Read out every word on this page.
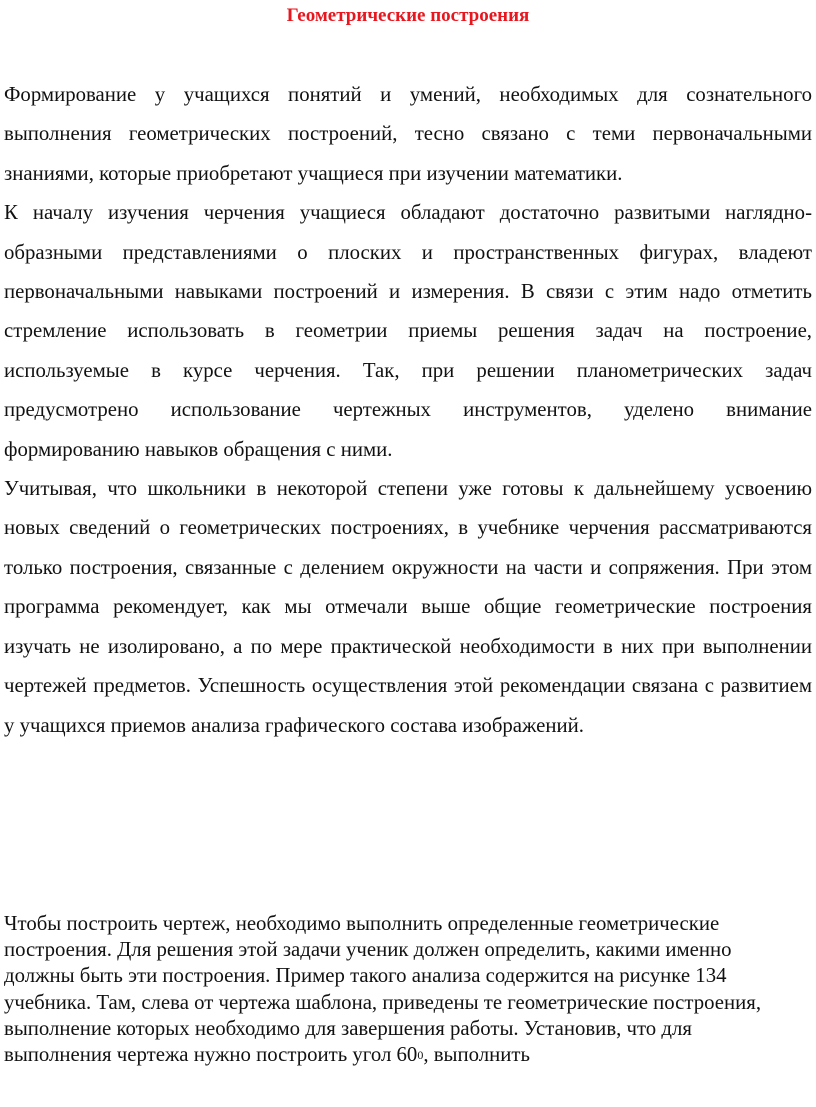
Геометрические построения

Формирование у учащихся понятий и умений, необходимых для сознательного выполнения геометрических построений, тесно связано с теми первоначальными знаниями, которые приобретают учащиеся при изучении математики.

К началу изучения черчения учащиеся обладают достаточно развитыми наглядно-образными представлениями о плоских и пространственных фигурах, владеют первоначальными навыками построений и измерения. В связи с этим надо отметить стремление использовать в геометрии приемы решения задач на построение, используемые в курсе черчения. Так, при решении планометрических задач предусмотрено использование чертежных инструментов, уделено внимание формированию навыков обращения с ними.

Учитывая, что школьники в некоторой степени уже готовы к дальнейшему усвоению новых сведений о геометрических построениях, в учебнике черчения рассматриваются только построения, связанные с делением окружности на части и сопряжения. При этом программа рекомендует, как мы отмечали выше общие геометрические построения изучать не изолировано, а по мере практической необходимости в них при выполнении чертежей предметов. Успешность осуществления этой рекомендации связана с развитием у учащихся приемов анализа графического состава изображений.

Чтобы построить чертеж, необходимо выполнить определенные геометрические построения. Для решения этой задачи ученик должен определить, какими именно должны быть эти построения. Пример такого анализа содержится на рисунке 134 учебника. Там, слева от чертежа шаблона, приведены те геометрические построения, выполнение которых необходимо для завершения работы. Установив, что для выполнения чертежа нужно построить угол $60^0$, выполнить
